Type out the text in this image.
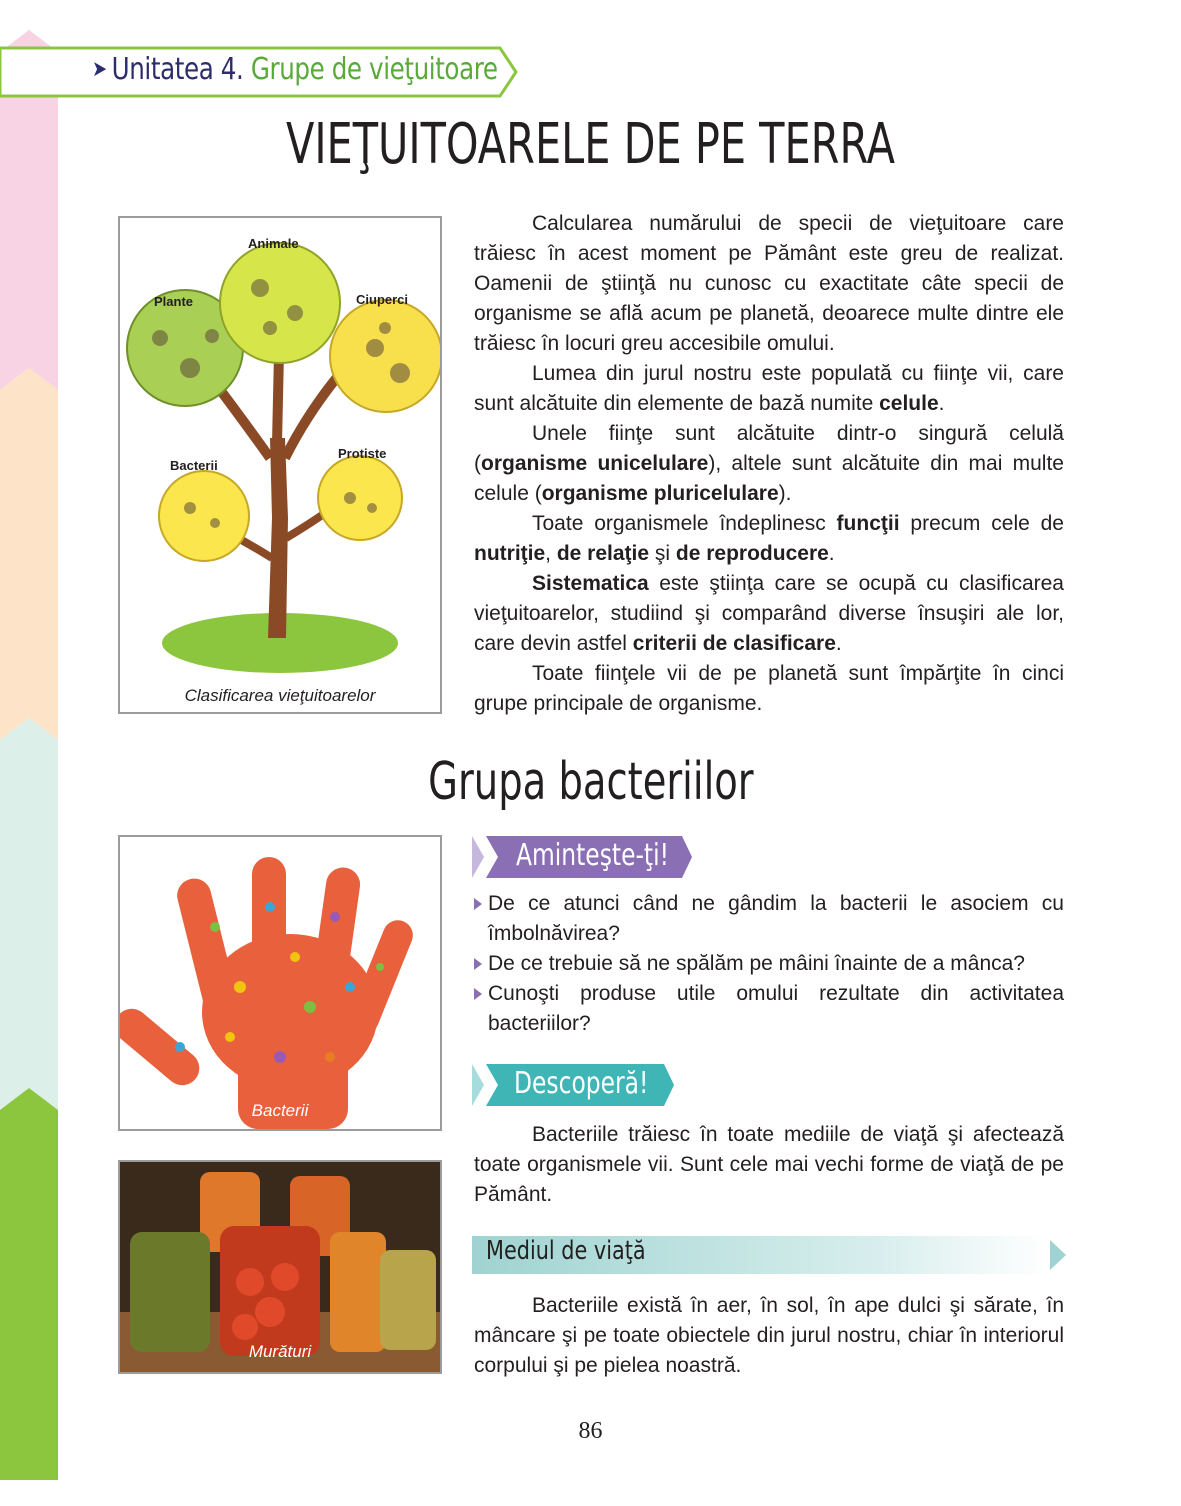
➤ Unitatea 4. Grupe de vieţuitoare
VIEŢUITOARELE DE PE TERRA
Animale
Plante	Ciuperci
Bacterii
Protiste
Clasificarea vieţuitoarelor

Calcularea numărului de specii de vieţuitoare care trăiesc în acest moment pe Pământ este greu de realizat. Oamenii de ştiinţă nu cunosc cu exactitate câte specii de organisme se află acum pe planetă, deoarece multe dintre ele trăiesc în locuri greu accesibile omului.

Lumea din jurul nostru este populată cu fiinţe vii, care sunt alcătuite din elemente de bază numite celule.

Unele fiinţe sunt alcătuite dintr-o singură celulă (organisme unicelulare), altele sunt alcătuite din mai multe celule (organisme pluricelulare).

Toate organismele îndeplinesc funcţii precum cele de nutriţie, de relaţie şi de reproducere.

Sistematica este ştiinţa care se ocupă cu clasificarea vieţuitoarelor, studiind şi comparând diverse însuşiri ale lor, care devin astfel criterii de clasificare.

Toate fiinţele vii de pe planetă sunt împărţite în cinci grupe principale de organisme.

Grupa bacteriilor
Bacterii
Murături
Aminteşte-ţi!
De ce atunci când ne gândim la bacterii le asociem cu îmbolnăvirea?
De ce trebuie să ne spălăm pe mâini înainte de a mânca?
Cunoşti produse utile omului rezultate din activitatea bacteriilor?
Descoperă!

Bacteriile trăiesc în toate mediile de viaţă şi afectează toate organismele vii. Sunt cele mai vechi forme de viaţă de pe Pământ.

Mediul de viaţă

Bacteriile există în aer, în sol, în ape dulci şi sărate, în mâncare şi pe toate obiectele din jurul nostru, chiar în interiorul corpului şi pe pielea noastră.

86
